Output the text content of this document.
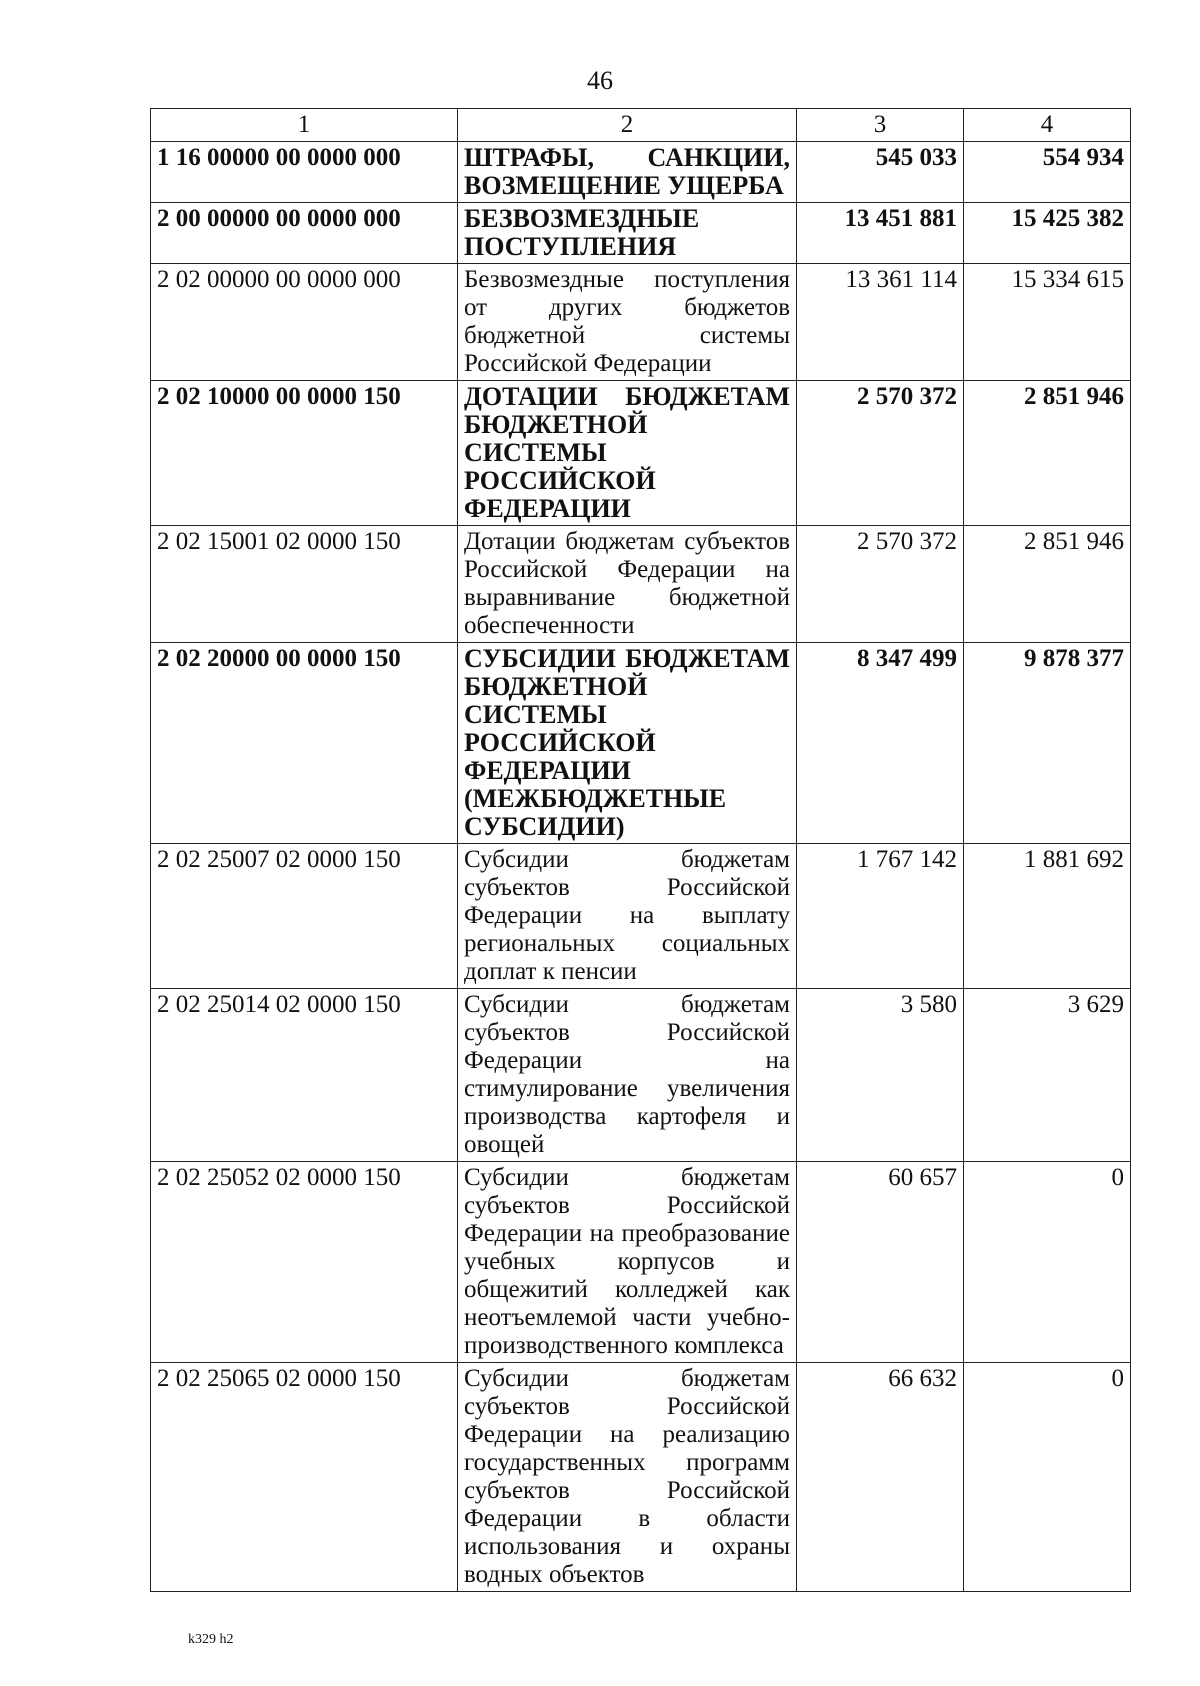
46
1	2	3	4
1 16 00000 00 0000 000	ШТРАФЫ, САНКЦИИ, ВОЗМЕЩЕНИЕ УЩЕРБА	545 033	554 934
2 00 00000 00 0000 000	БЕЗВОЗМЕЗДНЫЕ ПОСТУПЛЕНИЯ	13 451 881	15 425 382
2 02 00000 00 0000 000	Безвозмездные поступления от других бюджетов бюджетной системы Российской Федерации	13 361 114	15 334 615
2 02 10000 00 0000 150	ДОТАЦИИ БЮДЖЕТАМ БЮДЖЕТНОЙ СИСТЕМЫ РОССИЙСКОЙ ФЕДЕРАЦИИ	2 570 372	2 851 946
2 02 15001 02 0000 150	Дотации бюджетам субъектов Российской Федерации на выравнивание бюджетной обеспеченности	2 570 372	2 851 946
2 02 20000 00 0000 150	СУБСИДИИ БЮДЖЕТАМ БЮДЖЕТНОЙ СИСТЕМЫ РОССИЙСКОЙ ФЕДЕРАЦИИ (МЕЖБЮДЖЕТНЫЕ СУБСИДИИ)	8 347 499	9 878 377
2 02 25007 02 0000 150	Субсидии бюджетам субъектов Российской Федерации на выплату региональных социальных доплат к пенсии	1 767 142	1 881 692
2 02 25014 02 0000 150	Субсидии бюджетам субъектов Российской Федерации на стимулирование увеличения производства картофеля и овощей	3 580	3 629
2 02 25052 02 0000 150	Субсидии бюджетам субъектов Российской Федерации на преобразование учебных корпусов и общежитий колледжей как неотъемлемой части учебно-производственного комплекса	60 657	0
2 02 25065 02 0000 150	Субсидии бюджетам субъектов Российской Федерации на реализацию государственных программ субъектов Российской Федерации в области использования и охраны водных объектов	66 632	0
k329 h2
